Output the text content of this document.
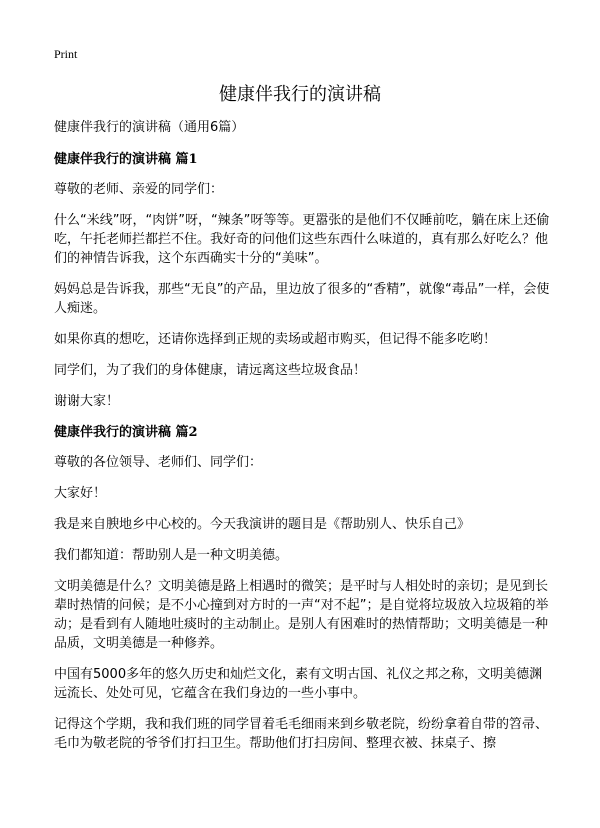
Print
健康伴我行的演讲稿

健康伴我行的演讲稿（通用6篇）

健康伴我行的演讲稿 篇1

尊敬的老师、亲爱的同学们：

什么“米线”呀，“肉饼”呀，“辣条”呀等等。更嚣张的是他们不仅睡前吃，躺在床上还偷吃，午托老师拦都拦不住。我好奇的问他们这些东西什么味道的，真有那么好吃么？他们的神情告诉我，这个东西确实十分的“美味”。

妈妈总是告诉我，那些“无良”的产品，里边放了很多的“香精”，就像“毒品”一样，会使人痴迷。

如果你真的想吃，还请你选择到正规的卖场或超市购买，但记得不能多吃哟！

同学们，为了我们的身体健康，请远离这些垃圾食品！

谢谢大家！

健康伴我行的演讲稿 篇2

尊敬的各位领导、老师们、同学们：

大家好！

我是来自腴地乡中心校的。今天我演讲的题目是《帮助别人、快乐自己》

我们都知道：帮助别人是一种文明美德。

文明美德是什么？文明美德是路上相遇时的微笑；是平时与人相处时的亲切；是见到长辈时热情的问候；是不小心撞到对方时的一声“对不起”；是自觉将垃圾放入垃圾箱的举动；是看到有人随地吐痰时的主动制止。是别人有困难时的热情帮助；文明美德是一种品质，文明美德是一种修养。

中国有5000多年的悠久历史和灿烂文化，素有文明古国、礼仪之邦之称，文明美德渊远流长、处处可见，它蕴含在我们身边的一些小事中。

记得这个学期，我和我们班的同学冒着毛毛细雨来到乡敬老院，纷纷拿着自带的笤帚、毛巾为敬老院的爷爷们打扫卫生。帮助他们打扫房间、整理衣被、抹桌子、擦
